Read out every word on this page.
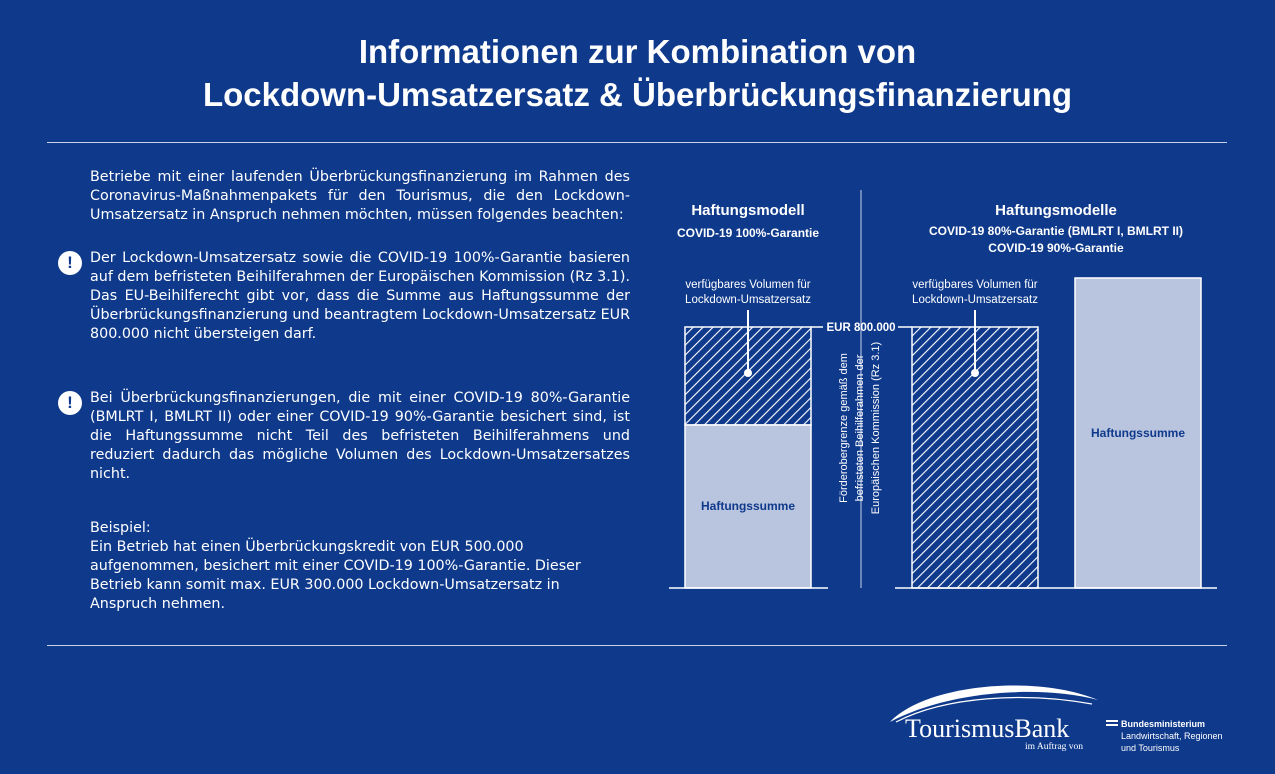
Informationen zur Kombination von
Lockdown-Umsatzersatz & Überbrückungsfinanzierung
Betriebe mit einer laufenden Überbrückungsfinanzierung im Rahmen des Coronavirus-Maßnahmenpakets für den Tourismus, die den Lockdown-Umsatzersatz in Anspruch nehmen möchten, müssen folgendes beachten:
!	Der Lockdown-Umsatzersatz sowie die COVID-19 100%-Garantie basieren auf dem befristeten Beihilferahmen der Europäischen Kommission (Rz 3.1). Das EU-Beihilferecht gibt vor, dass die Summe aus Haftungssumme der Überbrückungsfinanzierung und beantragtem Lockdown-Umsatzersatz EUR 800.000 nicht übersteigen darf.
!	Bei Überbrückungsfinanzierungen, die mit einer COVID-19 80%-Garantie (BMLRT I, BMLRT II) oder einer COVID-19 90%-Garantie besichert sind, ist die Haftungssumme nicht Teil des befristeten Beihilferahmens und reduziert dadurch das mögliche Volumen des Lockdown-Umsatzersatzes nicht.
Beispiel:
Ein Betrieb hat einen Überbrückungskredit von EUR 500.000 aufgenommen, besichert mit einer COVID-19 100%-Garantie. Dieser Betrieb kann somit max. EUR 300.000 Lockdown-Umsatzersatz in Anspruch nehmen.
Haftungsmodell
COVID-19 100%-Garantie
Haftungsmodelle
COVID-19 80%-Garantie (BMLRT I, BMLRT II)
COVID-19 90%-Garantie
verfügbares Volumen für
Lockdown-Umsatzersatz
verfügbares Volumen für
Lockdown-Umsatzersatz
Haftungssumme
Haftungssumme
EUR 800.000
Förderobergrenze gemäß dem befristeten Beihilferahmen der Europäischen Kommission (Rz 3.1)
TourismusBank
im Auftrag von
Bundesministerium
Landwirtschaft, Regionen
und Tourismus
